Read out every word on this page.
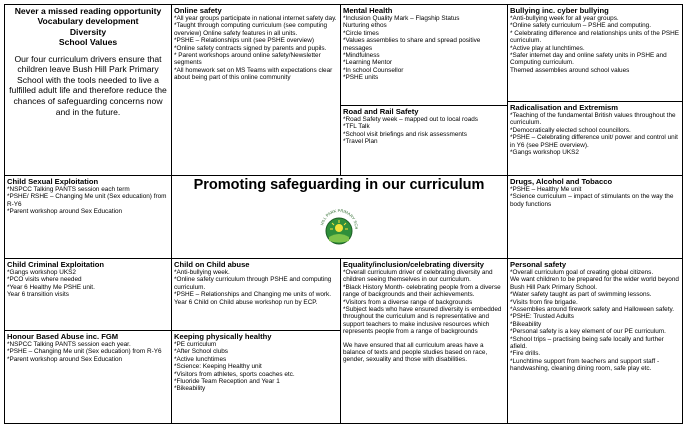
Never a missed reading opportunity
Vocabulary development
Diversity
School Values
Our four curriculum drivers ensure that children leave Bush Hill Park Primary School with the tools needed to live a fulfilled adult life and therefore reduce the chances of safeguarding concerns now and in the future.
Online safety
*All year groups participate in national internet safety day.
*Taught through computing curriculum (see computing overview) Online safety features in all units.
*PSHE – Relationships unit (see PSHE overview)
*Online safety contracts signed by parents and pupils.
* Parent workshops around online safety/Newsletter segments
*All homework set on MS Teams with expectations clear about being part of this online community
Mental Health
*Inclusion Quality Mark – Flagship Status
Nurturing ethos
*Circle times
*Values assemblies to share and spread positive messages
*Mindfulness
*Learning Mentor
*In school Counsellor
*PSHE units
Bullying inc. cyber bullying
*Anti-bullying week for all year groups.
*Online safety curriculum – PSHE and computing.
* Celebrating difference and relationships units of the PSHE curriculum.
*Active play at lunchtimes.
*Safer internet day and online safety units in PSHE and Computing curriculum.
Themed assemblies around school values
Road and Rail Safety
*Road Safety week – mapped out to local roads
*TFL Talk
*School visit briefings and risk assessments
*Travel Plan
Radicalisation and Extremism
*Teaching of the fundamental British values throughout the curriculum.
*Democratically elected school councillors.
*PSHE – Celebrating difference unit/ power and control unit in Y6 (see PSHE overview).
*Gangs workshop UKS2
Child Sexual Exploitation
*NSPCC Talking PANTS session each term
*PSHE/ RSHE – Changing Me unit (Sex education) from R-Y6
*Parent workshop around Sex Education
Promoting safeguarding in our curriculum
HILL PARK PRIMARY SCH
Drugs, Alcohol and Tobacco
*PSHE – Healthy Me unit
*Science curriculum – impact of stimulants on the way the body functions
Child Criminal Exploitation
*Gangs workshop UKS2
*PCO visits where needed
*Year 6 Healthy Me PSHE unit.
Year 6 transition visits
Child on Child abuse
*Anti-bullying week.
*Online safety curriculum through PSHE and computing curriculum.
*PSHE – Relationships and Changing me units of work.
Year 6 Child on Child abuse workshop run by ECP.
Equality/inclusion/celebrating diversity
*Overall curriculum driver of celebrating diversity and children seeing themselves in our curriculum.
*Black History Month- celebrating people from a diverse range of backgrounds and their achievements.
*Visitors from a diverse range of backgrounds
*Subject leads who have ensured diversity is embedded throughout the curriculum and is representative and support teachers to make inclusive resources which represents people from a range of backgrounds
We have ensured that all curriculum areas have a balance of texts and people studies based on race, gender, sexuality and those with disabilities.
Personal safety
*Overall curriculum goal of creating global citizens.
We want children to be prepared for the wider world beyond Bush Hill Park Primary School.
*Water safety taught as part of swimming lessons.
*Visits from fire brigade.
*Assemblies around firework safety and Halloween safety.
*PSHE: Trusted Adults
*Bikeability
*Personal safety is a key element of our PE curriculum.
*School trips – practising being safe locally and further afield.
*Fire drills.
*Lunchtime support from teachers and support staff - handwashing, cleaning dining room, safe play etc.
Honour Based Abuse inc. FGM
*NSPCC Talking PANTS session each year.
*PSHE – Changing Me unit (Sex education) from R-Y6
*Parent workshop around Sex Education
Keeping physically healthy
*PE curriculum
*After School clubs
*Active lunchtimes
*Science: Keeping Healthy unit
*Visitors from athletes, sports coaches etc.
*Fluoride Team Reception and Year 1
*Bikeability
